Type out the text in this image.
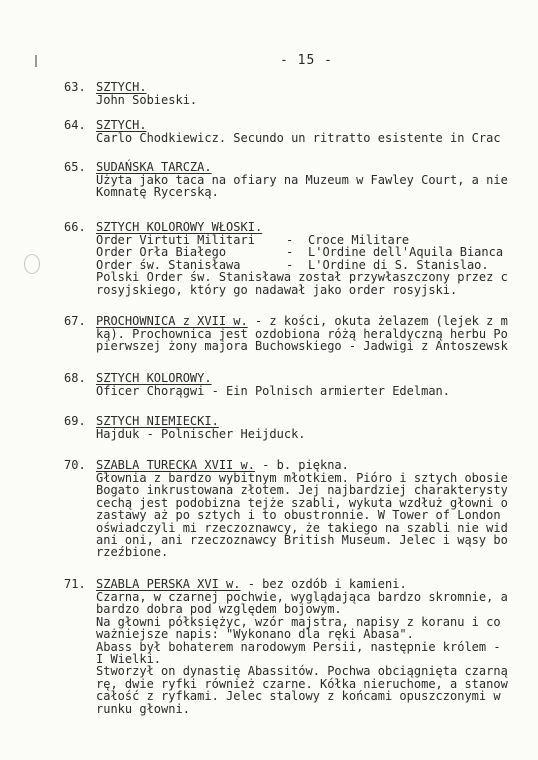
- 15 -
63. SZTYCH.
John Sobieski.
64. SZTYCH.
Carlo Chodkiewicz. Secundo un ritratto esistente in Crac
65. SUDAŃSKA TARCZA.
Użyta jako taca na ofiary na Muzeum w Fawley Court, a nie
Komnatę Rycerską.
66. SZTYCH KOLOROWY WŁOSKI.
Order Virtuti Militari	-	Croce Militare
Order Orła Białego	-	L'Ordine dell'Aquila Bianca
Order św. Stanisława	-	L'Ordine di S. Stanislao.
Polski Order św. Stanisława został przywłaszczony przez c
rosyjskiego, który go nadawał jako order rosyjski.
67. PROCHOWNICA z XVII w. - z kości, okuta żelazem (lejek z m
ką). Prochownica jest ozdobiona różą heraldyczną herbu Po
pierwszej żony majora Buchowskiego - Jadwigi z Antoszewsk
68. SZTYCH KOLOROWY.
Oficer Chorągwi - Ein Polnisch armierter Edelman.
69. SZTYCH NIEMIECKI.
Hajduk - Polnischer Heijduck.
70. SZABLA TURECKA XVII w. - b. piękna.
Głownia z bardzo wybitnym młotkiem. Pióro i sztych obosie
Bogato inkrustowana złotem. Jej najbardziej charakterysty
cechą jest podobizna tejże szabli, wykuta wzdłuż głowni o
zastawy aż po sztych i to obustronnie. W Tower of London
oświadczyli mi rzeczoznawcy, że takiego na szabli nie wid
ani oni, ani rzeczoznawcy British Museum. Jelec i wąsy bo
rzeźbione.
71. SZABLA PERSKA XVI w. - bez ozdób i kamieni.
Czarna, w czarnej pochwie, wyglądająca bardzo skromnie, a
bardzo dobra pod względem bojowym.
Na głowni półksiężyc, wzór majstra, napisy z koranu i co
ważniejsze napis: "Wykonano dla ręki Abasa".
Abass był bohaterem narodowym Persii, następnie królem -
I Wielki.
Stworzył on dynastię Abassitów. Pochwa obciągnięta czarną
rę, dwie ryfki również czarne. Kółka nieruchome, a stanow
całość z ryfkami. Jelec stalowy z końcami opuszczonymi w
runku głowni.
